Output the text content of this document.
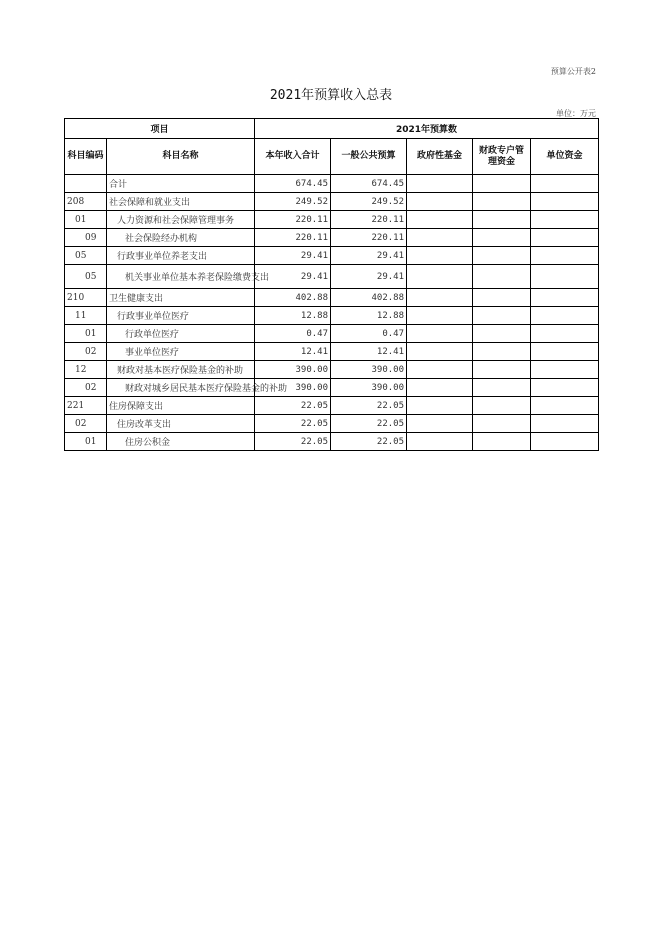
预算公开表2
2021年预算收入总表
单位：万元
项目		2021年预算数				
科目编码	科目名称	本年收入合计	一般公共预算	政府性基金	财政专户管理资金	单位资金
	合计	674.45	674.45			
208	社会保障和就业支出	249.52	249.52			
01	人力资源和社会保障管理事务	220.11	220.11			
09	社会保险经办机构	220.11	220.11			
05	行政事业单位养老支出	29.41	29.41			
05	机关事业单位基本养老保险缴费支出	29.41	29.41			
210	卫生健康支出	402.88	402.88			
11	行政事业单位医疗	12.88	12.88			
01	行政单位医疗	0.47	0.47			
02	事业单位医疗	12.41	12.41			
12	财政对基本医疗保险基金的补助	390.00	390.00			
02	财政对城乡居民基本医疗保险基金的补助	390.00	390.00			
221	住房保障支出	22.05	22.05			
02	住房改革支出	22.05	22.05			
01	住房公积金	22.05	22.05			
